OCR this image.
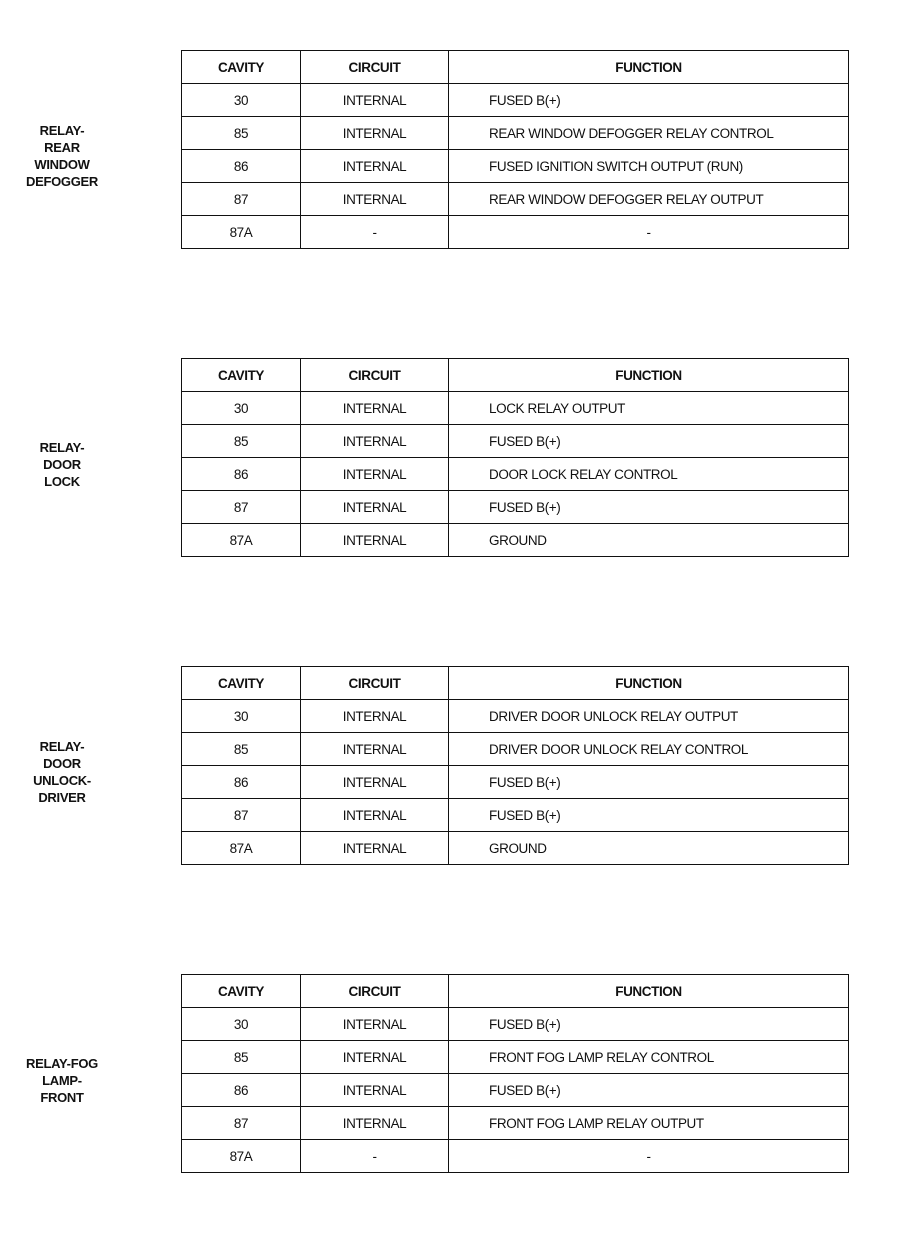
RELAY-
REAR
WINDOW
DEFOGGER
CAVITY	CIRCUIT	FUNCTION
30	INTERNAL	FUSED B(+)
85	INTERNAL	REAR WINDOW DEFOGGER RELAY CONTROL
86	INTERNAL	FUSED IGNITION SWITCH OUTPUT (RUN)
87	INTERNAL	REAR WINDOW DEFOGGER RELAY OUTPUT
87A	-	-
RELAY-
DOOR
LOCK
CAVITY	CIRCUIT	FUNCTION
30	INTERNAL	LOCK RELAY OUTPUT
85	INTERNAL	FUSED B(+)
86	INTERNAL	DOOR LOCK RELAY CONTROL
87	INTERNAL	FUSED B(+)
87A	INTERNAL	GROUND
RELAY-
DOOR
UNLOCK-
DRIVER
CAVITY	CIRCUIT	FUNCTION
30	INTERNAL	DRIVER DOOR UNLOCK RELAY OUTPUT
85	INTERNAL	DRIVER DOOR UNLOCK RELAY CONTROL
86	INTERNAL	FUSED B(+)
87	INTERNAL	FUSED B(+)
87A	INTERNAL	GROUND
RELAY-FOG
LAMP-
FRONT
CAVITY	CIRCUIT	FUNCTION
30	INTERNAL	FUSED B(+)
85	INTERNAL	FRONT FOG LAMP RELAY CONTROL
86	INTERNAL	FUSED B(+)
87	INTERNAL	FRONT FOG LAMP RELAY OUTPUT
87A	-	-
